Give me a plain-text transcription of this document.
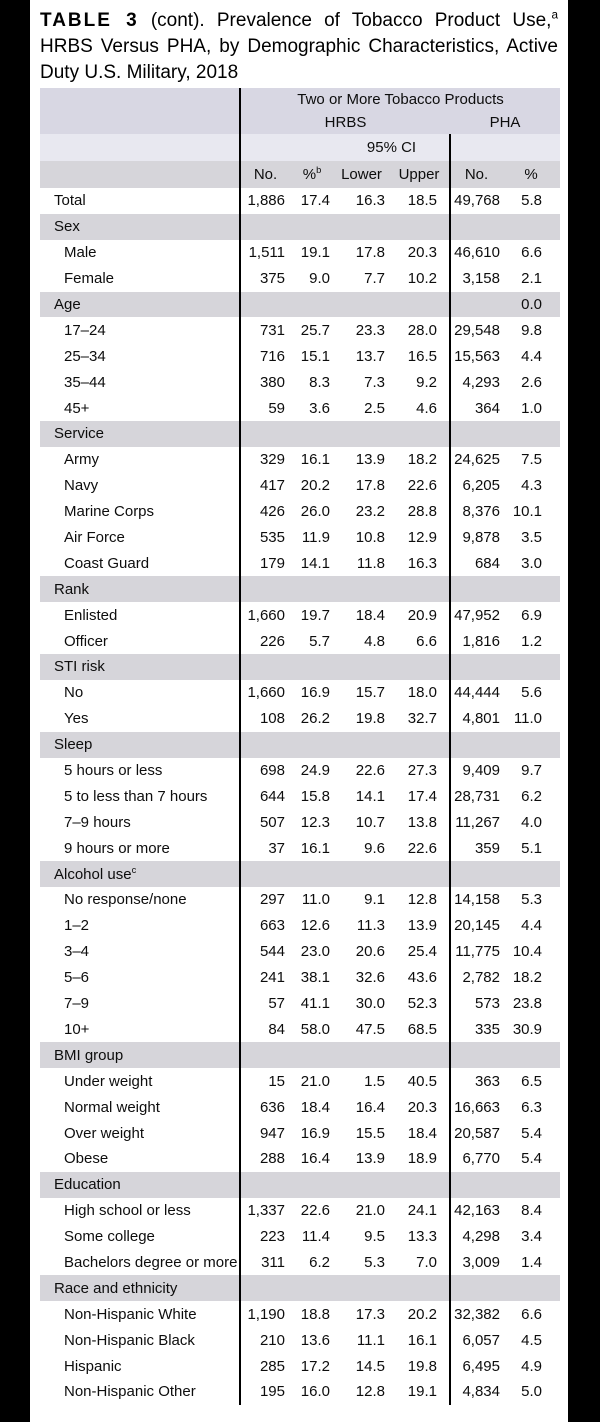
TABLE 3 (cont). Prevalence of Tobacco Product Use,$^a$ HRBS Versus PHA, by Demographic Characteristics, Active Duty U.S. Military, 2018
	Two or More Tobacco Products					
	HRBS				PHA	
			95% CI			
	No.	%$^b$	Lower	Upper	No.	%
Total	1,886	17.4	16.3	18.5	49,768	5.8
Sex						
Male	1,511	19.1	17.8	20.3	46,610	6.6
Female	375	9.0	7.7	10.2	3,158	2.1
Age						0.0
17–24	731	25.7	23.3	28.0	29,548	9.8
25–34	716	15.1	13.7	16.5	15,563	4.4
35–44	380	8.3	7.3	9.2	4,293	2.6
45+	59	3.6	2.5	4.6	364	1.0
Service						
Army	329	16.1	13.9	18.2	24,625	7.5
Navy	417	20.2	17.8	22.6	6,205	4.3
Marine Corps	426	26.0	23.2	28.8	8,376	10.1
Air Force	535	11.9	10.8	12.9	9,878	3.5
Coast Guard	179	14.1	11.8	16.3	684	3.0
Rank						
Enlisted	1,660	19.7	18.4	20.9	47,952	6.9
Officer	226	5.7	4.8	6.6	1,816	1.2
STI risk						
No	1,660	16.9	15.7	18.0	44,444	5.6
Yes	108	26.2	19.8	32.7	4,801	11.0
Sleep						
5 hours or less	698	24.9	22.6	27.3	9,409	9.7
5 to less than 7 hours	644	15.8	14.1	17.4	28,731	6.2
7–9 hours	507	12.3	10.7	13.8	11,267	4.0
9 hours or more	37	16.1	9.6	22.6	359	5.1
Alcohol use$^c$						
No response/none	297	11.0	9.1	12.8	14,158	5.3
1–2	663	12.6	11.3	13.9	20,145	4.4
3–4	544	23.0	20.6	25.4	11,775	10.4
5–6	241	38.1	32.6	43.6	2,782	18.2
7–9	57	41.1	30.0	52.3	573	23.8
10+	84	58.0	47.5	68.5	335	30.9
BMI group						
Under weight	15	21.0	1.5	40.5	363	6.5
Normal weight	636	18.4	16.4	20.3	16,663	6.3
Over weight	947	16.9	15.5	18.4	20,587	5.4
Obese	288	16.4	13.9	18.9	6,770	5.4
Education						
High school or less	1,337	22.6	21.0	24.1	42,163	8.4
Some college	223	11.4	9.5	13.3	4,298	3.4
Bachelors degree or more	311	6.2	5.3	7.0	3,009	1.4
Race and ethnicity						
Non-Hispanic White	1,190	18.8	17.3	20.2	32,382	6.6
Non-Hispanic Black	210	13.6	11.1	16.1	6,057	4.5
Hispanic	285	17.2	14.5	19.8	6,495	4.9
Non-Hispanic Other	195	16.0	12.8	19.1	4,834	5.0
